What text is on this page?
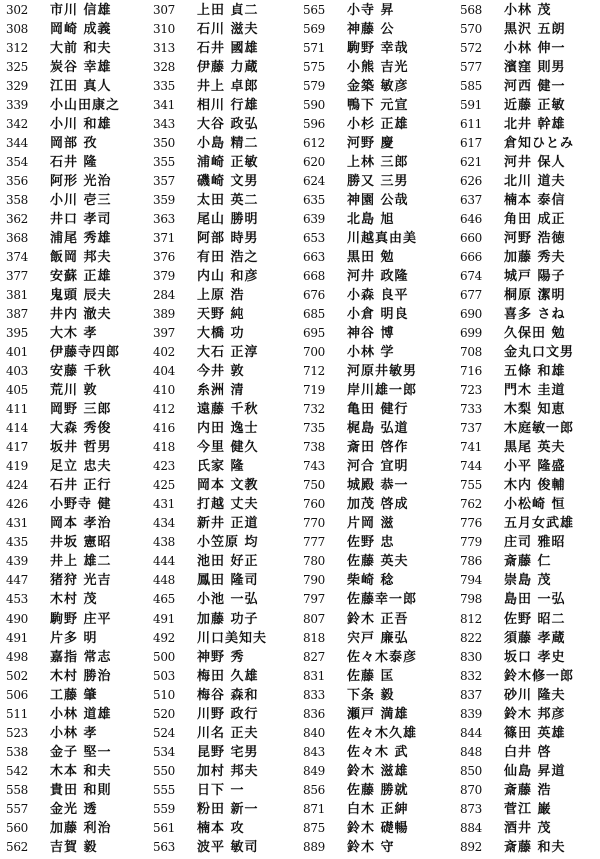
302	市川 信雄
308	岡崎 成義
312	大前 和夫
325	炭谷 幸雄
329	江田 真人
339	小山田康之
342	小川 和雄
344	岡部 孜
354	石井 隆
356	阿形 光治
358	小川 壱三
362	井口 孝司
368	浦尾 秀雄
374	飯岡 邦夫
377	安蘇 正雄
381	鬼頭 辰夫
387	井内 澈夫
395	大木 孝
401	伊藤寺四郎
403	安藤 千秋
405	荒川 敦
411	岡野 三郎
414	大森 秀俊
417	坂井 哲男
419	足立 忠夫
424	石井 正行
426	小野寺 健
431	岡本 孝治
435	井坂 憲昭
439	井上 雄二
447	猪狩 光吉
453	木村 茂
490	駒野 庄平
491	片多 明
498	嘉指 常志
502	木村 勝治
506	工藤 肇
511	小林 道雄
523	小林 孝
538	金子 堅一
542	木本 和夫
558	貴田 和則
557	金光 透
560	加藤 利治
562	吉賀 毅
307	上田 貞二
310	石川 滋夫
313	石井 國雄
328	伊藤 力蔵
335	井上 卓郎
341	相川 行雄
343	大谷 政弘
350	小島 精二
355	浦崎 正敏
357	磯崎 文男
359	太田 英二
363	尾山 勝明
371	阿部 時男
376	有田 浩之
379	内山 和彦
284	上原 浩
389	天野 純
397	大橋 功
402	大石 正淳
404	今井 敦
410	糸洲 清
412	遠藤 千秋
416	内田 逸士
418	今里 健久
423	氏家 隆
425	岡本 文教
431	打越 丈夫
434	新井 正道
438	小笠原 均
444	池田 好正
448	鳳田 隆司
465	小池 一弘
491	加藤 功子
492	川口美知夫
500	神野 秀
503	梅田 久雄
510	梅谷 森和
520	川野 政行
524	川名 正夫
534	昆野 宅男
550	加村 邦夫
555	日下 一
559	粉田 新一
561	楠本 攻
563	波平 敏司
565	小寺 昇
569	神藤 公
571	駒野 幸哉
575	小熊 吉光
579	金築 敏彦
590	鴨下 元宣
596	小杉 正雄
612	河野 慶
620	上林 三郎
624	勝又 三男
635	神園 公哉
639	北島 旭
653	川越真由美
663	黒田 勉
668	河井 政隆
676	小森 良平
685	小倉 明良
695	神谷 博
700	小林 学
712	河原井敏男
719	岸川雄一郎
732	亀田 健行
735	梶島 弘道
738	斎田 啓作
743	河合 宜明
750	城殿 恭一
760	加茂 啓成
770	片岡 滋
777	佐野 忠
780	佐藤 英夫
790	柴崎 稔
797	佐藤幸一郎
807	鈴木 正吾
818	宍戸 廉弘
827	佐々木泰彦
831	佐藤 匡
833	下条 毅
836	瀬戸 満雄
840	佐々木久雄
843	佐々木 武
849	鈴木 滋雄
856	佐藤 勝就
871	白木 正紳
875	鈴木 礎暢
889	鈴木 守
568	小林 茂
570	黒沢 五朗
572	小林 伸一
577	濱窪 則男
585	河西 健一
591	近藤 正敏
611	北井 幹雄
617	倉知ひとみ
621	河井 保人
626	北川 道夫
637	楠本 泰信
646	角田 成正
660	河野 浩徳
666	加藤 秀夫
674	城戸 陽子
677	桐原 潔明
690	喜多 さね
699	久保田 勉
708	金丸口文男
716	五條 和雄
723	門木 圭道
733	木梨 知恵
737	木庭敏一郎
741	黒尾 英夫
744	小平 隆盛
755	木内 俊輔
762	小松崎 恒
776	五月女武雄
779	庄司 雅昭
786	斎藤 仁
794	崇島 茂
798	島田 一弘
812	佐野 昭二
822	須藤 孝蔵
830	坂口 孝史
832	鈴木修一郎
837	砂川 隆夫
839	鈴木 邦彦
844	篠田 英雄
848	白井 啓
850	仙島 昇道
870	斎藤 浩
873	菅江 巌
884	酒井 茂
892	斎藤 和夫
